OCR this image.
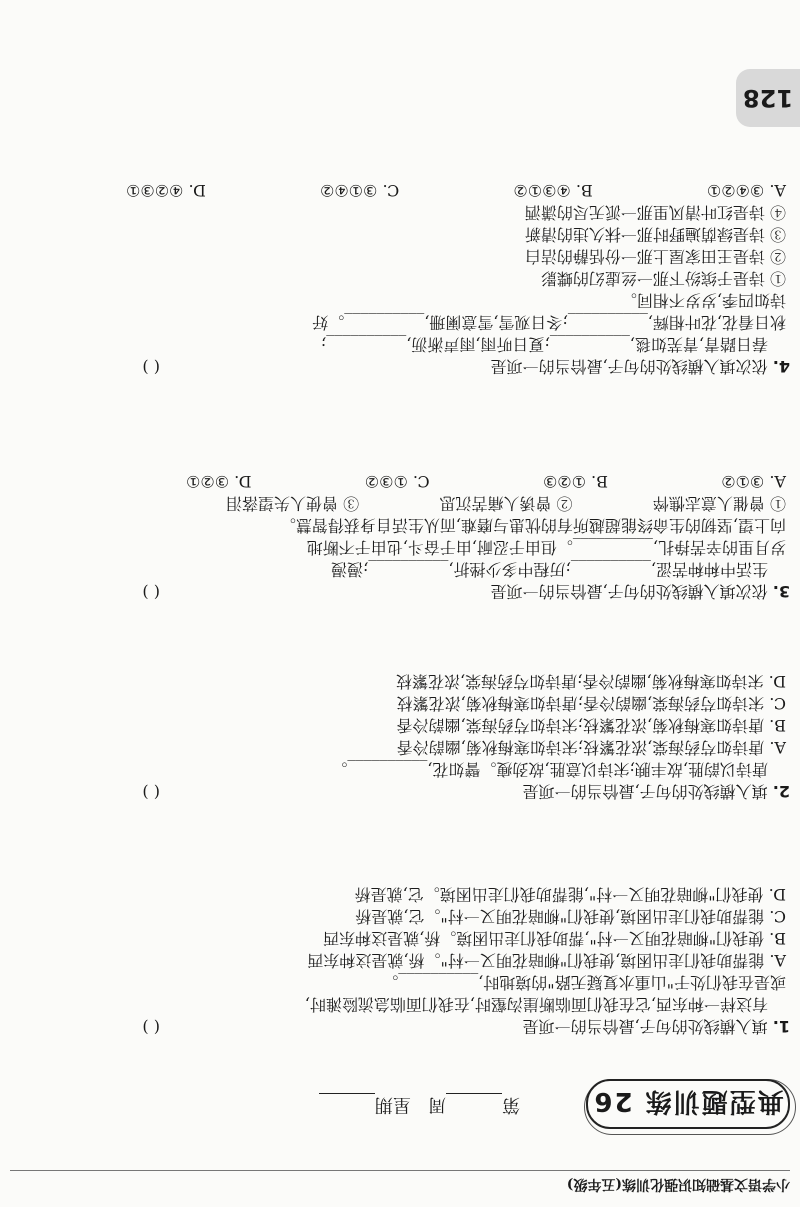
小学语文基础知识强化训练(五年级)
典型题训练 26
第周   星期
128
1. 填入横线处的句子,最恰当的一项是
有这样一种东西,它在我们面临断崖沟壑时,在我们面临急流险滩时,
或是在我们处于"山重水复疑无路"的境地时,__________。
A. 能帮助我们走出困境,使我们"柳暗花明又一村"。桥,就是这种东西
B. 使我们"柳暗花明又一村",帮助我们走出困境。桥,就是这种东西
C. 能帮助我们走出困境,使我们"柳暗花明又一村"。它,就是桥
D. 使我们"柳暗花明又一村",能帮助我们走出困境。它,就是桥
( )
2. 填入横线处的句子,最恰当的一项是
唐诗以韵胜,故丰腴;宋诗以意胜,故劲瘦。譬如花,__________。
A. 唐诗如芍药海棠,浓花繁枝;宋诗如寒梅秋菊,幽韵冷香
B. 唐诗如寒梅秋菊,浓花繁枝;宋诗如芍药海棠,幽韵冷香
C. 宋诗如芍药海棠,幽韵冷香;唐诗如寒梅秋菊,浓花繁枝
D. 宋诗如寒梅秋菊,幽韵冷香;唐诗如芍药海棠,浓花繁枝
( )
3. 依次填入横线处的句子,最恰当的一项是
生活中种种苦涩,__________;历程中多少挫折,__________;漫漫
岁月里的辛苦挣扎,__________。但由于忍耐,由于奋斗,也由于不断地
向上望,坚韧的生命终能超越所有的忧患与磨难,而从生活自身获得智慧。
① 曾催人意志憔悴
② 曾诱人痛苦沉思
③ 曾使人失望落泪
A. ③①②
B. ①②③
C. ①③②
D. ③②①
( )
4. 依次填入横线处的句子,最恰当的一项是
春日踏青,青芜如毯,__________;夏日听雨,雨声淅沥,__________;
秋日看花,花叶相辉,__________;冬日观雪,雪意阑珊,__________。好
诗如四季,岁岁不相同。
① 诗是于缤纷下那一丝虚幻的蝶影
② 诗是王田家屋上那一份恬静的洁白
③ 诗是绿荫遍野时那一抹久违的清新
④ 诗是红叶清风里那一派无尽的潇洒
A. ③④②①
B. ④③①②
C. ③①④②
D. ④②③①
( )
